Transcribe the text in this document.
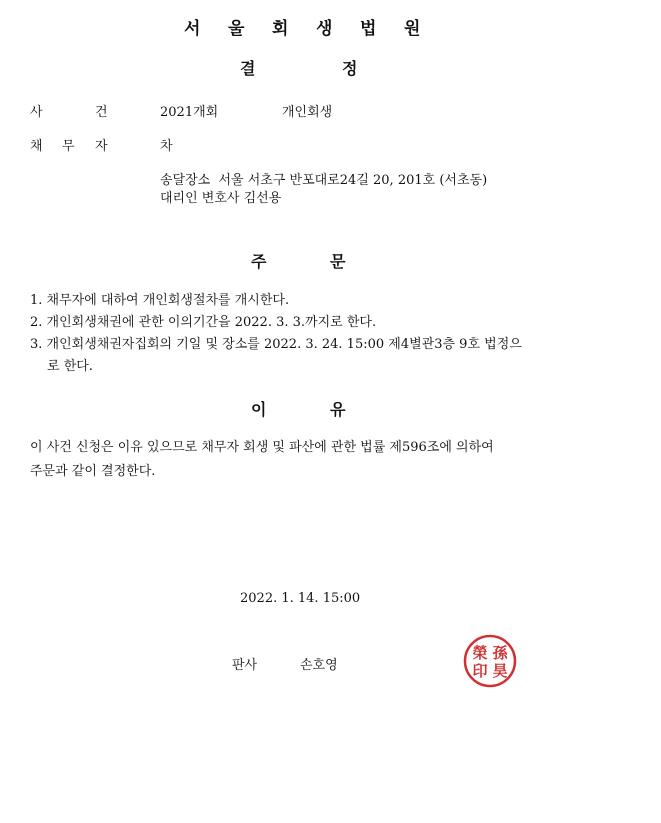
서 울 회 생 법 원
결	정
사	건	2021개회	개인회생
채 무 자	차
송달장소  서울 서초구 반포대로24길 20, 201호 (서초동)
대리인 변호사 김선용
주	문
1. 채무자에 대하여 개인회생절차를 개시한다.
2. 개인회생채권에 관한 이의기간을 2022. 3. 3.까지로 한다.
3. 개인회생채권자집회의 기일 및 장소를 2022. 3. 24. 15:00 제4별관3층 9호 법정으
로 한다.
이	유
이 사건 신청은 이유 있으므로 채무자 회생 및 파산에 관한 법률 제596조에 의하여
주문과 같이 결정한다.
2022. 1. 14. 15:00
판사	손호영
孫
昊
榮
印
